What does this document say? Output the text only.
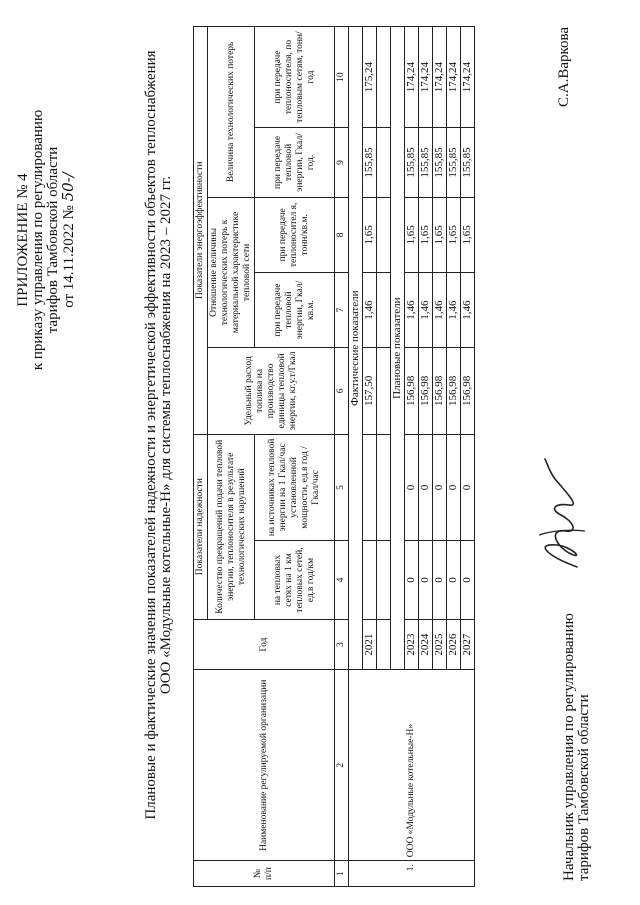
ПРИЛОЖЕНИЕ № 4 к приказу управления по регулированию тарифов Тамбовской области от 14.11.2022 № 50-/	Плановые и фактические значения показателей надежности и энергетической эффективности объектов теплоснабжения ООО «Модульные котельные-Н» для системы теплоснабжения на 2023 – 2027 гг.
№ п/п	Наименование регулируемой организации	Год	Показатели надежности		Показатели энергоэффективности				
			Количество прекращений подачи тепловой энергии, теплоносителя в результате технологических нарушений		Удельный расход топлива на производство единицы тепловой энергии, кг.у.т/Гкал	Отношение величины технологических потерь к материальной характеристике тепловой сети		Величина технологических потерь	
			на тепловых сетях на 1 км тепловых сетей, ед.в год/км	на источниках тепловой энергии на 1 Гкал/час установленной мощности, ед.в год /Гкал/час		при передаче тепловой энергии, Гкал/кв.м.	при передаче теплоносител я, тонн/кв.м.	при передаче тепловой энергии, Гкал/год.	при передаче теплоносителя, по тепловым сетям, тонн/год
1	2	3	4	5	6	7	8	9	10
1.	ООО «Модульные котельные-Н»	Фактические показатели							
		2021			157,50	1,46	1,65	155,85	175,24

		Плановые показатели							
		2023	0	0	156,98	1,46	1,65	155,85	174,24
		2024	0	0	156,98	1,46	1,65	155,85	174,24
		2025	0	0	156,98	1,46	1,65	155,85	174,24
		2026	0	0	156,98	1,46	1,65	155,85	174,24
		2027	0	0	156,98	1,46	1,65	155,85	174,24
Начальник управления по регулированию тарифов Тамбовской области
С.А.Варкова
